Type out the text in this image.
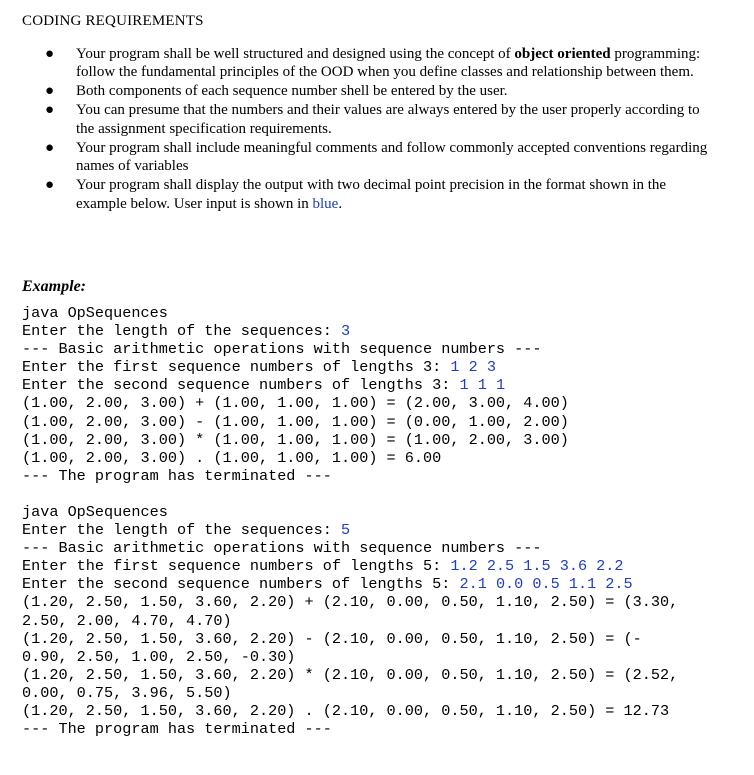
CODING REQUIREMENTS
● Your program shall be well structured and designed using the concept of object oriented programming: follow the fundamental principles of the OOD when you define classes and relationship between them.
● Both components of each sequence number shell be entered by the user.
● You can presume that the numbers and their values are always entered by the user properly according to the assignment specification requirements.
● Your program shall include meaningful comments and follow commonly accepted conventions regarding names of variables
● Your program shall display the output with two decimal point precision in the format shown in the example below. User input is shown in blue.
Example:
java OpSequences
Enter the length of the sequences: 3
--- Basic arithmetic operations with sequence numbers ---
Enter the first sequence numbers of lengths 3: 1 2 3
Enter the second sequence numbers of lengths 3: 1 1 1
(1.00, 2.00, 3.00) + (1.00, 1.00, 1.00) = (2.00, 3.00, 4.00)
(1.00, 2.00, 3.00) - (1.00, 1.00, 1.00) = (0.00, 1.00, 2.00)
(1.00, 2.00, 3.00) * (1.00, 1.00, 1.00) = (1.00, 2.00, 3.00)
(1.00, 2.00, 3.00) . (1.00, 1.00, 1.00) = 6.00
--- The program has terminated ---
java OpSequences
Enter the length of the sequences: 5
--- Basic arithmetic operations with sequence numbers ---
Enter the first sequence numbers of lengths 5: 1.2 2.5 1.5 3.6 2.2
Enter the second sequence numbers of lengths 5: 2.1 0.0 0.5 1.1 2.5
(1.20, 2.50, 1.50, 3.60, 2.20) + (2.10, 0.00, 0.50, 1.10, 2.50) = (3.30,
2.50, 2.00, 4.70, 4.70)
(1.20, 2.50, 1.50, 3.60, 2.20) - (2.10, 0.00, 0.50, 1.10, 2.50) = (-
0.90, 2.50, 1.00, 2.50, -0.30)
(1.20, 2.50, 1.50, 3.60, 2.20) * (2.10, 0.00, 0.50, 1.10, 2.50) = (2.52,
0.00, 0.75, 3.96, 5.50)
(1.20, 2.50, 1.50, 3.60, 2.20) . (2.10, 0.00, 0.50, 1.10, 2.50) = 12.73
--- The program has terminated ---
